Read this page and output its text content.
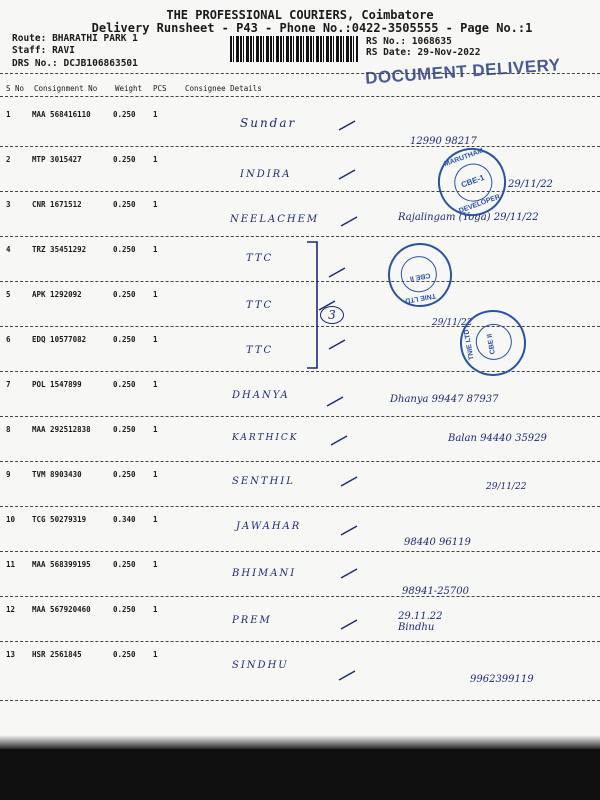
THE PROFESSIONAL COURIERS, Coimbatore
Delivery Runsheet - P43 - Phone No.:0422-3505555 - Page No.:1
Route: BHARATHI PARK 1
Staff: RAVI
DRS No.: DCJB106863501
RS No.: 1068635
RS Date: 29-Nov-2022
DOCUMENT DELIVERY
S No Consignment No Weight PCS Consignee Details
1	MAA 568416110	0.250 1
Sundar
12990 98217
2	MTP 3015427	0.250 1
INDIRA
29/11/22
3	CNR 1671512	0.250 1
NEELACHEM	Rajalingam (Yoga) 29/11/22
4	TRZ 35451292	0.250 1
TTC
5	APK 1292092	0.250 1
TTC
29/11/22
6	EDQ 10577082	0.250 1
TTC
7	POL 1547899	0.250 1
DHANYA	Dhanya 99447 87937
8	MAA 292512838	0.250 1
KARTHICK	Balan 94440 35929
9	TVM 8903430	0.250 1
SENTHIL	29/11/22
10 TCG 50279319	0.340 1
JAWAHAR
98440 96119
11 MAA 568399195	0.250 1
BHIMANI
98941-25700
12 MAA 567920460	0.250 1
PREM	29.11.22 Bindhu
13 HSR 2561845	0.250 1
SINDHU
9962399119
3
MARUTHAM
CBE-1
DEVELOPER
TNIE LTD
CBE II
TNIE LTD CBE II
